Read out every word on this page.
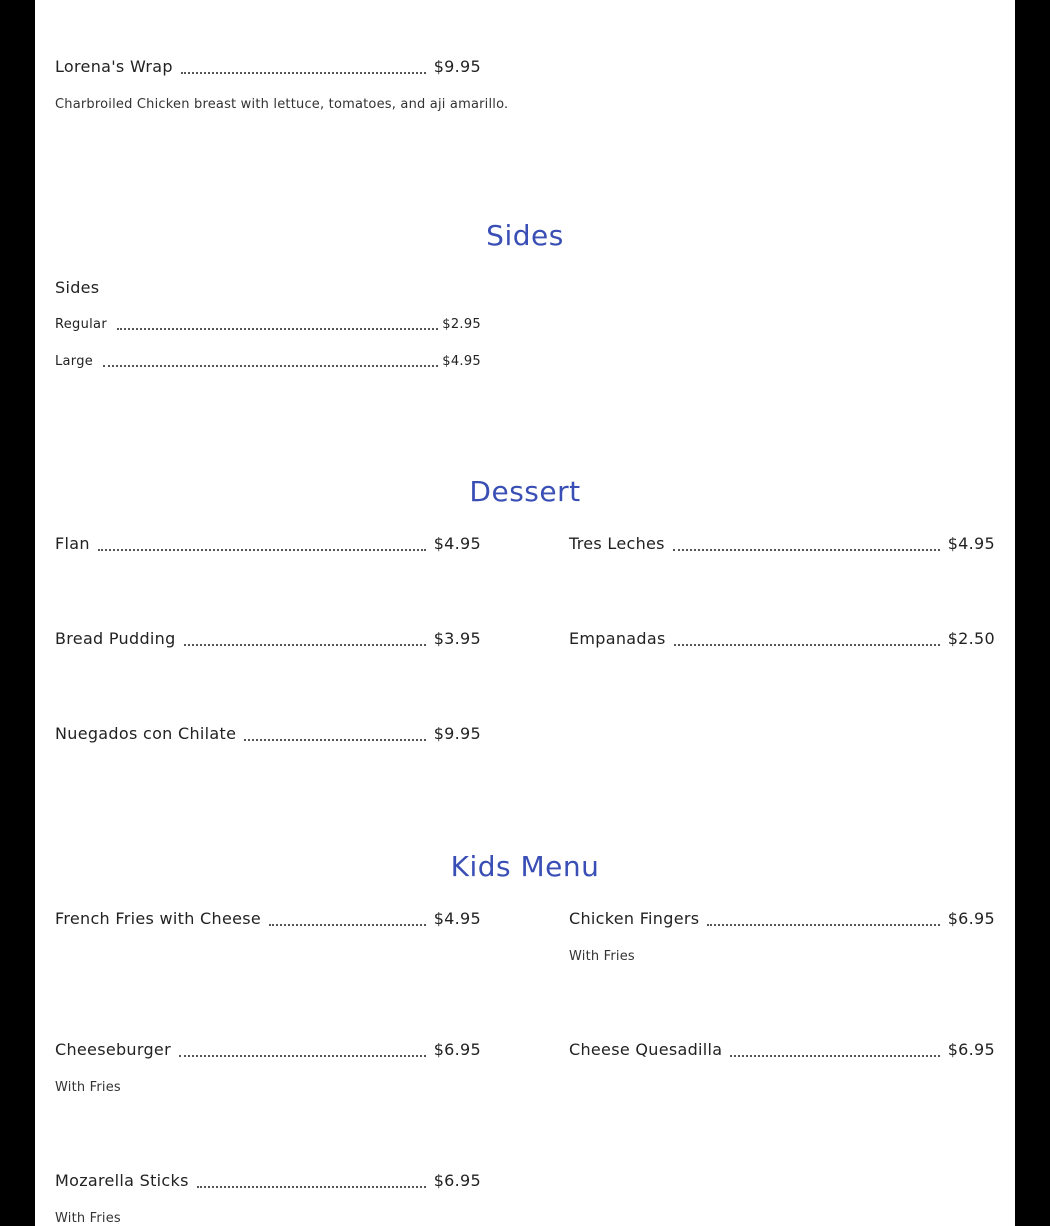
Lorena's Wrap	$9.95
Charbroiled Chicken breast with lettuce, tomatoes, and aji amarillo.
Sides
Sides
Regular	$2.95
Large	$4.95
Dessert
Flan	$4.95	Tres Leches	$4.95
Bread Pudding	$3.95	Empanadas	$2.50
Nuegados con Chilate	$9.95
Kids Menu
French Fries with Cheese	$4.95	Chicken Fingers	$6.95
With Fries
Cheeseburger	$6.95
With Fries
Cheese Quesadilla	$6.95
Mozarella Sticks	$6.95
With Fries
